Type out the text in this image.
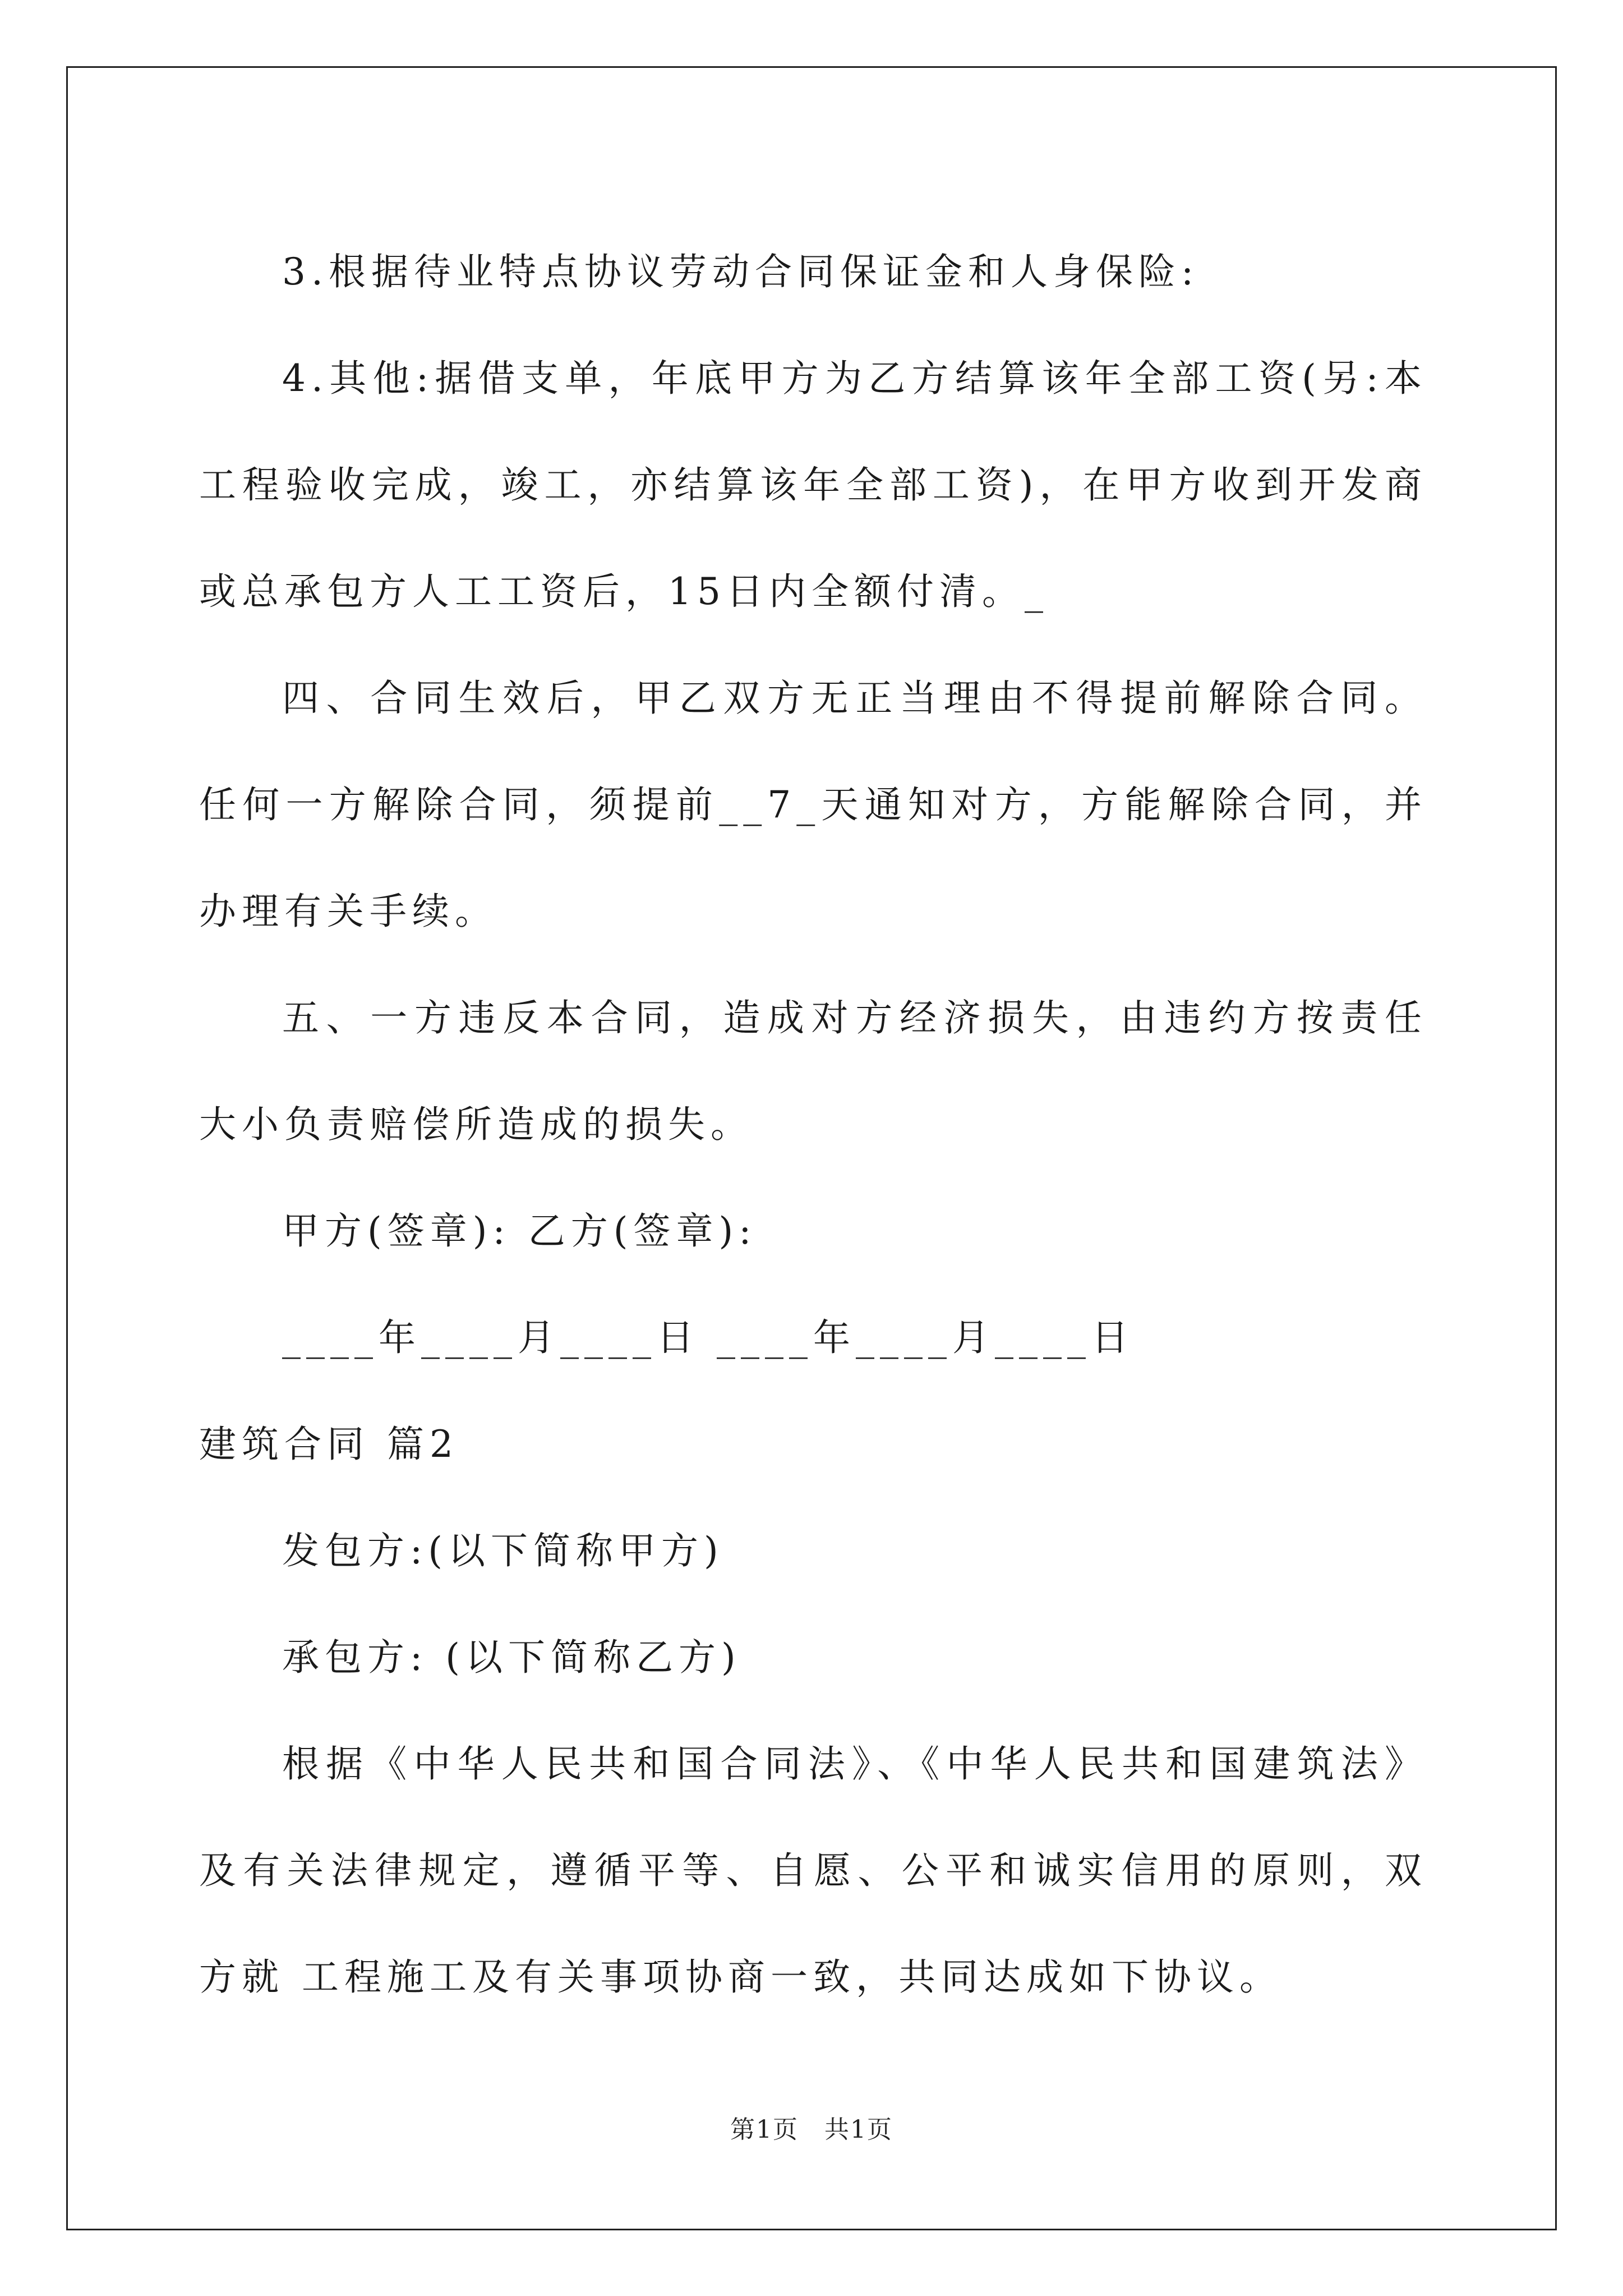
3.根据待业特点协议劳动合同保证金和人身保险:

4.其他:据借支单，年底甲方为乙方结算该年全部工资(另:本工程验收完成，竣工，亦结算该年全部工资)，在甲方收到开发商或总承包方人工工资后，15日内全额付清。_

四、合同生效后，甲乙双方无正当理由不得提前解除合同。任何一方解除合同，须提前__7_天通知对方，方能解除合同，并办理有关手续。

五、一方违反本合同，造成对方经济损失，由违约方按责任大小负责赔偿所造成的损失。

甲方(签章): 乙方(签章):

____年____月____日 ____年____月____日

建筑合同 篇2

发包方:(以下简称甲方)

承包方: (以下简称乙方)

根据《中华人民共和国合同法》、《中华人民共和国建筑法》及有关法律规定，遵循平等、自愿、公平和诚实信用的原则，双方就 工程施工及有关事项协商一致，共同达成如下协议。

第1页　共1页
